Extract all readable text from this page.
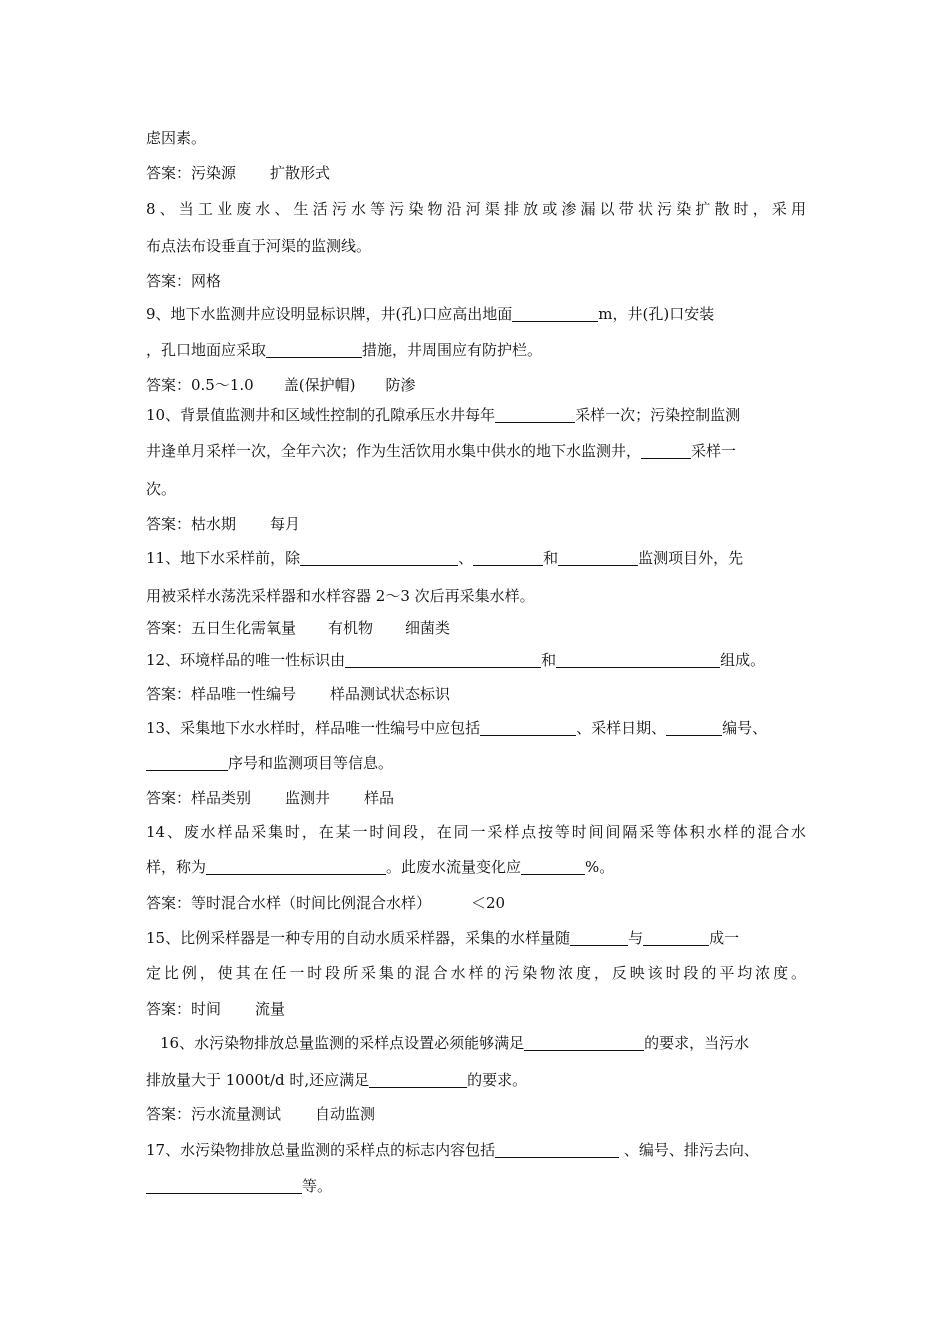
虑因素。
答案：污染源 扩散形式
8、当工业废水、生活污水等污染物沿河渠排放或渗漏以带状污染扩散时，采用
布点法布设垂直于河渠的监测线。
答案：网格
9、地下水监测井应设明显标识牌，井(孔)口应高出地面	m，井(孔)口安装
，孔口地面应采取	措施，井周围应有防护栏。
答案：0.5～1.0 盖(保护帽) 防渗
10、背景值监测井和区域性控制的孔隙承压水井每年	采样一次；污染控制监测
井逢单月采样一次，全年六次；作为生活饮用水集中供水的地下水监测井，	采样一
次。
答案：枯水期 每月
11、地下水采样前，除	、	和	监测项目外，先
用被采样水荡洗采样器和水样容器 2～3 次后再采集水样。
答案：五日生化需氧量 有机物 细菌类
12、环境样品的唯一性标识由	和	组成。
答案：样品唯一性编号 样品测试状态标识
13、采集地下水水样时，样品唯一性编号中应包括	、采样日期、	编号、
序号和监测项目等信息。
答案：样品类别 监测井 样品
14、废水样品采集时，在某一时间段，在同一采样点按等时间间隔采等体积水样的混合水
样，称为	。此废水流量变化应	%。
答案：等时混合水样（时间比例混合水样）	＜20
15、比例采样器是一种专用的自动水质采样器，采集的水样量随	与	成一
定比例，使其在任一时段所采集的混合水样的污染物浓度，反映该时段的平均浓度。
答案：时间 流量
16、水污染物排放总量监测的采样点设置必须能够满足	的要求，当污水
排放量大于 1000t/d 时,还应满足	的要求。
答案：污水流量测试 自动监测
17、水污染物排放总量监测的采样点的标志内容包括	、编号、排污去向、
等。
